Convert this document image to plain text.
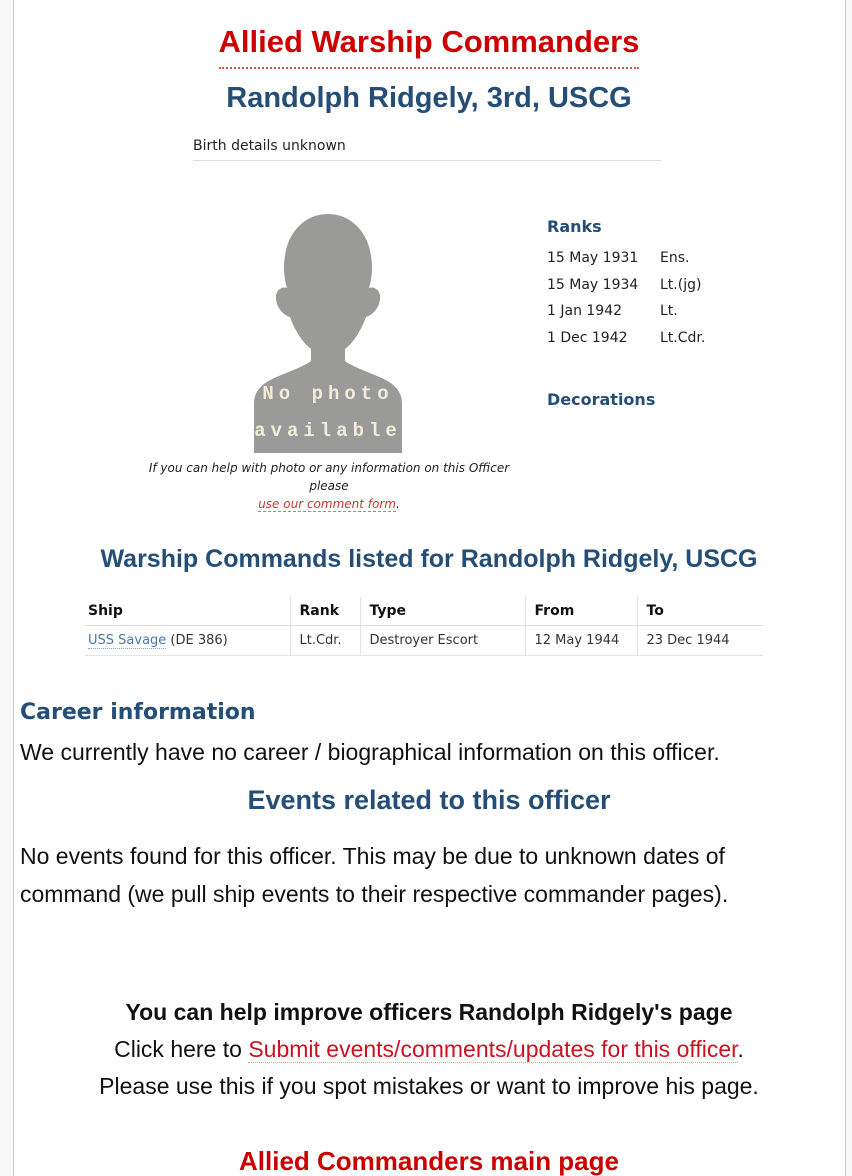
Allied Warship Commanders
Randolph Ridgely, 3rd, USCG
Birth details unknown
No photo
available
If you can help with photo or any information on this Officer please
use our comment form.
Ranks
15 May 1931	Ens.
15 May 1934	Lt.(jg)
1 Jan 1942	Lt.
1 Dec 1942	Lt.Cdr.
Decorations
Warship Commands listed for Randolph Ridgely, USCG
Ship	Rank	Type	From	To
USS Savage (DE 386)	Lt.Cdr.	Destroyer Escort	12 May 1944	23 Dec 1944
Career information

We currently have no career / biographical information on this officer.

Events related to this officer

No events found for this officer. This may be due to unknown dates of command (we pull ship events to their respective commander pages).

You can help improve officers Randolph Ridgely's page
Click here to Submit events/comments/updates for this officer.
Please use this if you spot mistakes or want to improve his page.
Allied Commanders main page
